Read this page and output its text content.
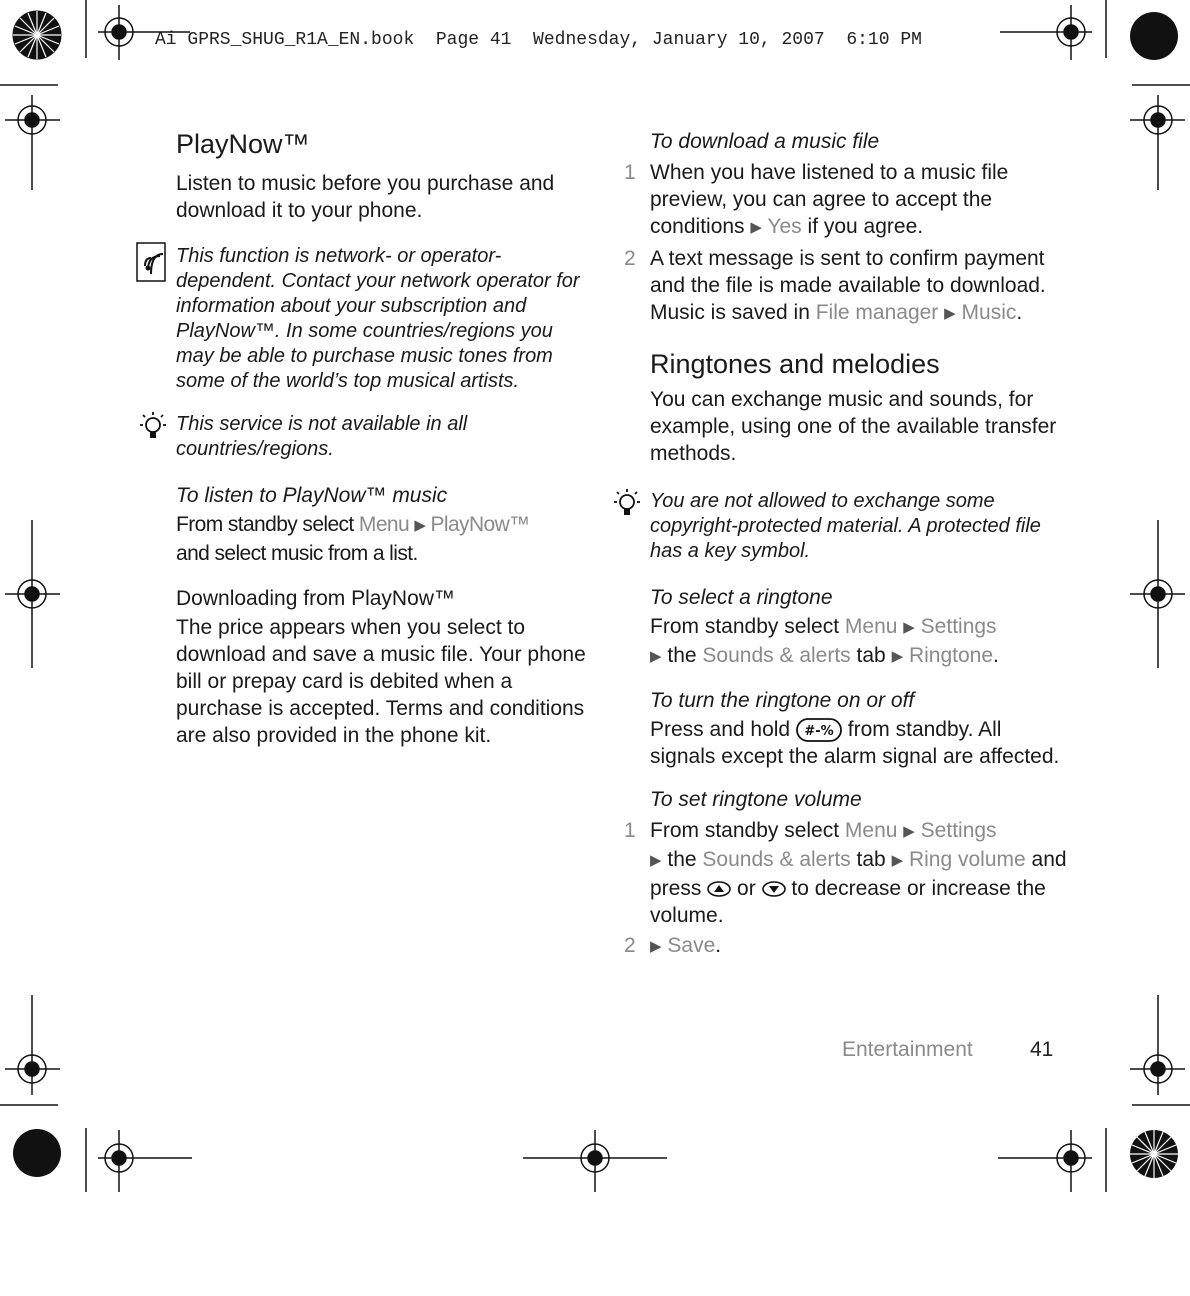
Ai GPRS_SHUG_R1A_EN.book  Page 41  Wednesday, January 10, 2007  6:10 PM
PlayNow™

Listen to music before you purchase and download it to your phone.

This function is network- or operator-dependent. Contact your network operator for information about your subscription and PlayNow™. In some countries/regions you may be able to purchase music tones from some of the world’s top musical artists.

This service is not available in all countries/regions.

To listen to PlayNow™ music

From standby select Menu ▶ PlayNow™
and select music from a list.

Downloading from PlayNow™

The price appears when you select to download and save a music file. Your phone bill or prepay card is debited when a purchase is accepted. Terms and conditions are also provided in the phone kit.

To download a music file

1 When you have listened to a music file preview, you can agree to accept the conditions ▶ Yes if you agree.

2 A text message is sent to confirm payment and the file is made available to download. Music is saved in File manager ▶ Music.

Ringtones and melodies

You can exchange music and sounds, for example, using one of the available transfer methods.

You are not allowed to exchange some copyright-protected material. A protected file has a key symbol.

To select a ringtone

From standby select Menu ▶ Settings
▶ the Sounds & alerts tab ▶ Ringtone.

To turn the ringtone on or off

Press and hold #-% from standby. All signals except the alarm signal are affected.

To set ringtone volume

1 From standby select Menu ▶ Settings
▶ the Sounds & alerts tab ▶ Ring volume and press  or  to decrease or increase the volume.

2 ▶ Save.

Entertainment	41
